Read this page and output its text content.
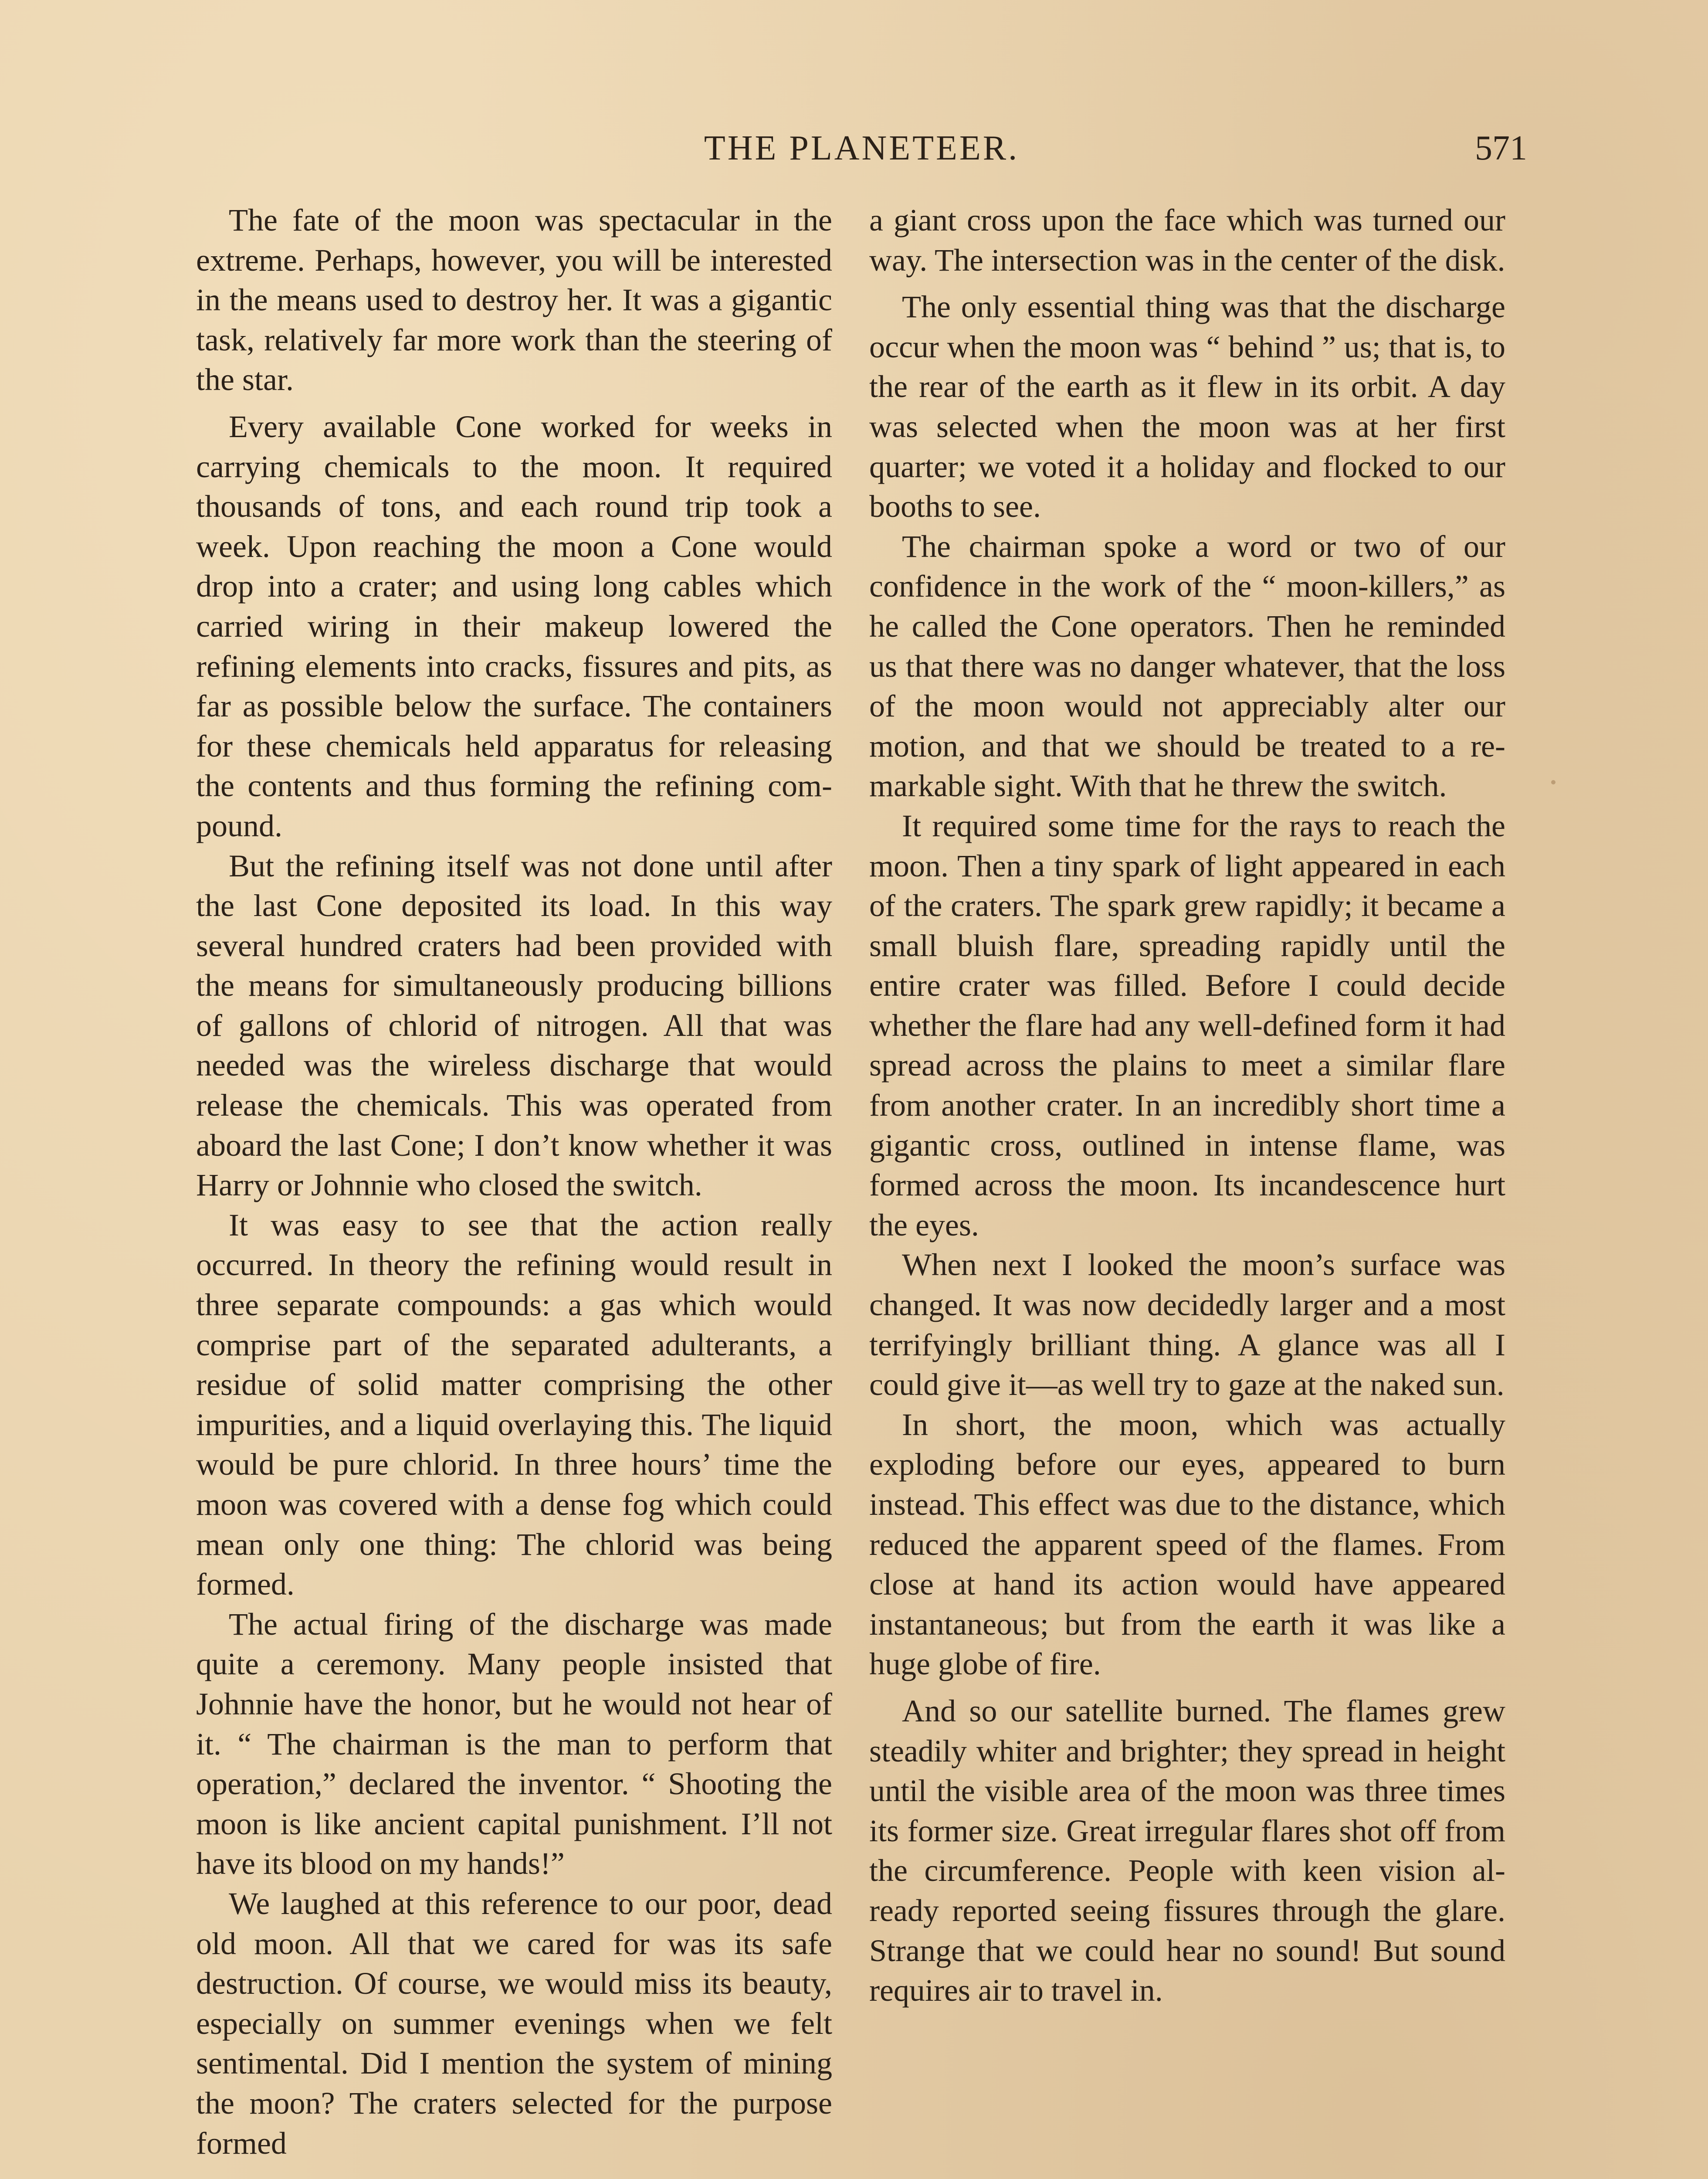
THE PLANETEER.	571

The fate of the moon was spectacular in the extreme. Perhaps, however, you will be interested in the means used to destroy her. It was a gigantic task, relatively far more work than the steering of the star.

Every available Cone worked for weeks in carrying chemicals to the moon. It required thousands of tons, and each round trip took a week. Upon reaching the moon a Cone would drop into a crater; and using long cables which carried wiring in their makeup lowered the refining elements into cracks, fissures and pits, as far as possible below the surface. The containers for these chemicals held apparatus for releasing the contents and thus forming the refining compound.

But the refining itself was not done until after the last Cone deposited its load. In this way several hundred craters had been provided with the means for simultaneously producing billions of gallons of chlorid of nitrogen. All that was needed was the wireless discharge that would release the chemicals. This was operated from aboard the last Cone; I don’t know whether it was Harry or Johnnie who closed the switch.

It was easy to see that the action really occurred. In theory the refining would result in three separate compounds: a gas which would comprise part of the separated adulterants, a residue of solid matter comprising the other impurities, and a liquid overlaying this. The liquid would be pure chlorid. In three hours’ time the moon was covered with a dense fog which could mean only one thing: The chlorid was being formed.

The actual firing of the discharge was made quite a ceremony. Many people insisted that Johnnie have the honor, but he would not hear of it. “ The chairman is the man to perform that operation,” declared the inventor. “ Shooting the moon is like ancient capital punishment. I’ll not have its blood on my hands!”

We laughed at this reference to our poor, dead old moon. All that we cared for was its safe destruction. Of course, we would miss its beauty, especially on summer evenings when we felt sentimental. Did I mention the system of mining the moon? The craters selected for the purpose formed

a giant cross upon the face which was turned our way. The intersection was in the center of the disk.

The only essential thing was that the discharge occur when the moon was “ behind ” us; that is, to the rear of the earth as it flew in its orbit. A day was selected when the moon was at her first quarter; we voted it a holiday and flocked to our booths to see.

The chairman spoke a word or two of our confidence in the work of the “ moon-killers,” as he called the Cone operators. Then he reminded us that there was no danger whatever, that the loss of the moon would not appreciably alter our motion, and that we should be treated to a remarkable sight. With that he threw the switch.

It required some time for the rays to reach the moon. Then a tiny spark of light appeared in each of the craters. The spark grew rapidly; it became a small bluish flare, spreading rapidly until the entire crater was filled. Before I could decide whether the flare had any well-defined form it had spread across the plains to meet a similar flare from another crater. In an incredibly short time a gigantic cross, outlined in intense flame, was formed across the moon. Its incandescence hurt the eyes.

When next I looked the moon’s surface was changed. It was now decidedly larger and a most terrifyingly brilliant thing. A glance was all I could give it—as well try to gaze at the naked sun.

In short, the moon, which was actually exploding before our eyes, appeared to burn instead. This effect was due to the distance, which reduced the apparent speed of the flames. From close at hand its action would have appeared instantaneous; but from the earth it was like a huge globe of fire.

And so our satellite burned. The flames grew steadily whiter and brighter; they spread in height until the visible area of the moon was three times its former size. Great irregular flares shot off from the circumference. People with keen vision already reported seeing fissures through the glare. Strange that we could hear no sound! But sound requires air to travel in.
